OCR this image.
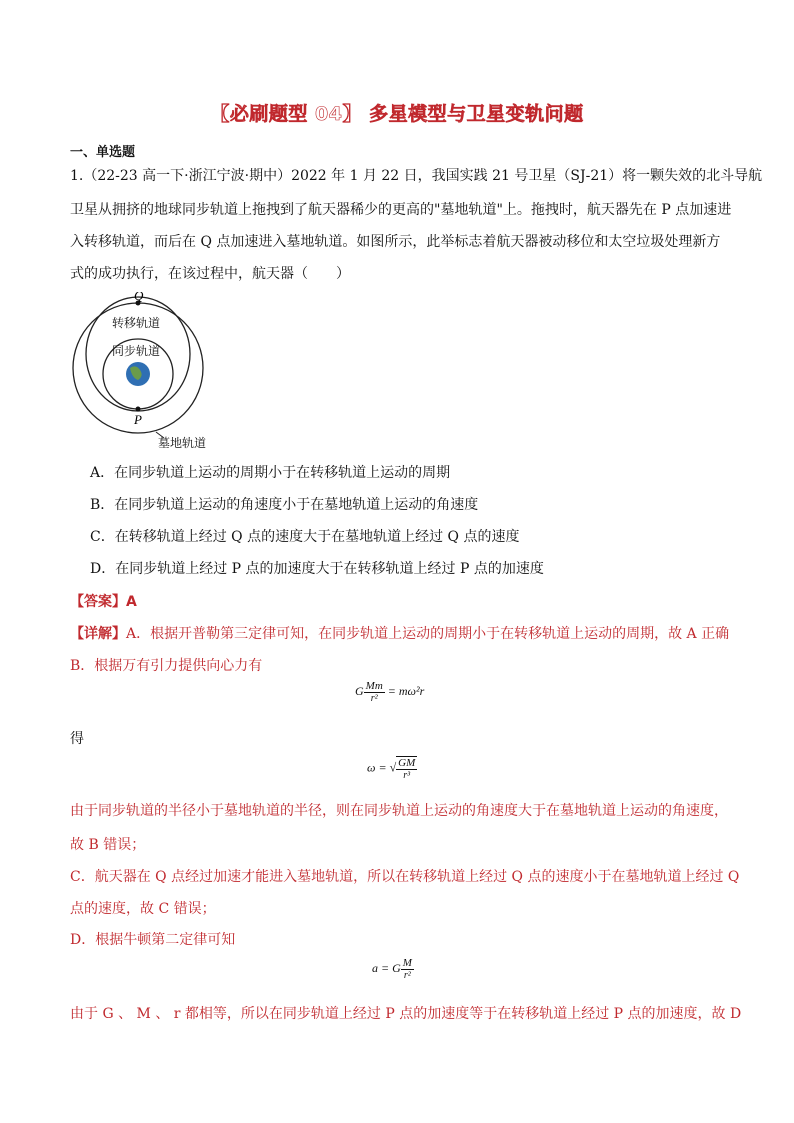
【必刷题型 04】 多星模型与卫星变轨问题
一、单选题
1.（22-23 高一下·浙江宁波·期中）2022 年 1 月 22 日，我国实践 21 号卫星（SJ-21）将一颗失效的北斗导航
卫星从拥挤的地球同步轨道上拖拽到了航天器稀少的更高的"墓地轨道"上。拖拽时，航天器先在 P 点加速进
入转移轨道，而后在 Q 点加速进入墓地轨道。如图所示，此举标志着航天器被动移位和太空垃圾处理新方
式的成功执行，在该过程中，航天器（　　）
Q
P
转移轨道
同步轨道
墓地轨道
A．在同步轨道上运动的周期小于在转移轨道上运动的周期
B．在同步轨道上运动的角速度小于在墓地轨道上运动的角速度
C．在转移轨道上经过 Q 点的速度大于在墓地轨道上经过 Q 点的速度
D．在同步轨道上经过 P 点的加速度大于在转移轨道上经过 P 点的加速度
【答案】A
【详解】A．根据开普勒第三定律可知，在同步轨道上运动的周期小于在转移轨道上运动的周期，故 A 正确
B．根据万有引力提供向心力有
G $\frac{Mm}{\text{r²}} = m\omega^2r$
得
ω = √ $\frac{GM}{\text{r³}}$
由于同步轨道的半径小于墓地轨道的半径，则在同步轨道上运动的角速度大于在墓地轨道上运动的角速度，
故 B 错误；
C．航天器在 Q 点经过加速才能进入墓地轨道，所以在转移轨道上经过 Q 点的速度小于在墓地轨道上经过 Q
点的速度，故 C 错误；
D．根据牛顿第二定律可知
a = G $\frac{M}{\text{r²}}$
由于 G 、 M 、 r 都相等，所以在同步轨道上经过 P 点的加速度等于在转移轨道上经过 P 点的加速度，故 D
